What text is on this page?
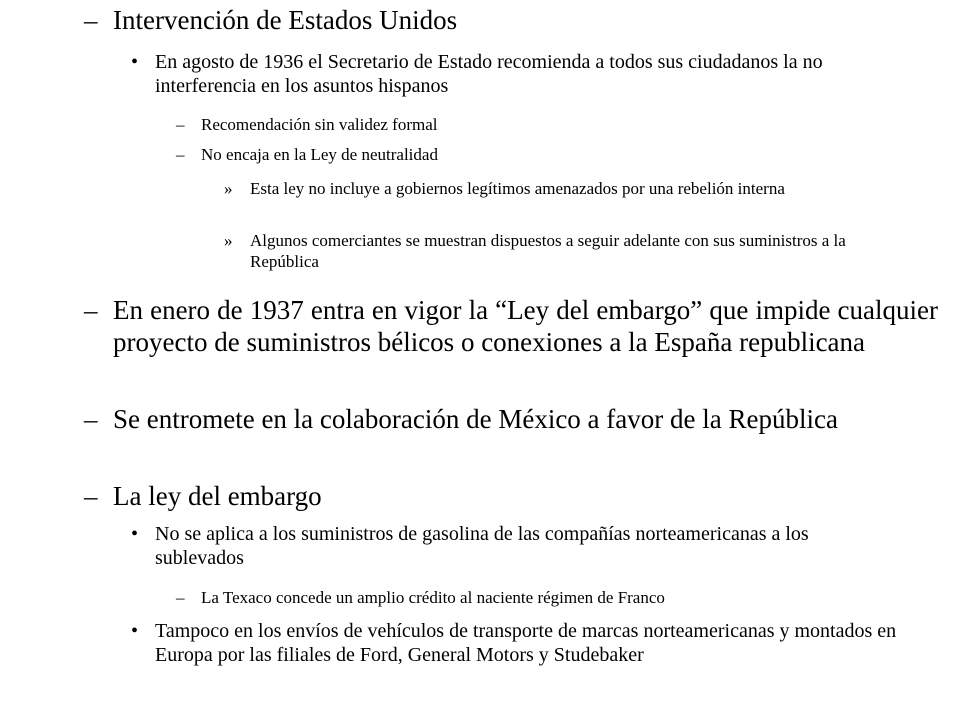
– Intervención de Estados Unidos
• En agosto de 1936 el Secretario de Estado recomienda a todos sus ciudadanos la no interferencia en los asuntos hispanos
– Recomendación sin validez formal
– No encaja en la Ley de neutralidad
» Esta ley no incluye a gobiernos legítimos amenazados por una rebelión interna
» Algunos comerciantes se muestran dispuestos a seguir adelante con sus suministros a la República
– En enero de 1937 entra en vigor la “Ley del embargo” que impide cualquier proyecto de suministros bélicos o conexiones a la España republicana
– Se entromete en la colaboración de México a favor de la República
– La ley del embargo
• No se aplica a los suministros de gasolina de las compañías norteamericanas a los sublevados
– La Texaco concede un amplio crédito al naciente régimen de Franco
• Tampoco en los envíos de vehículos de transporte de marcas norteamericanas y montados en Europa por las filiales de Ford, General Motors y Studebaker
